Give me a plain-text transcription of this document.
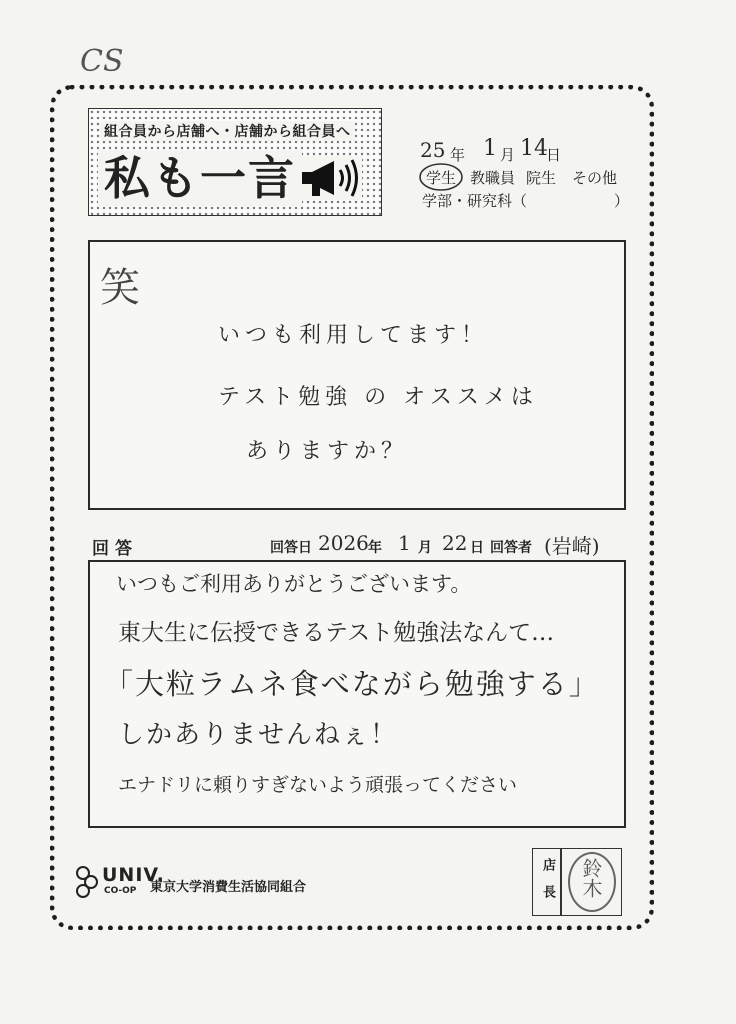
CS
組合員から店舗へ・店舗から組合員へ
私も一言
25 年 1 月 14
日
学生 教職員 院生 その他
学部・研究科（	）
笑
いつも利用してます！
テスト勉強 の オススメは
ありますか？
回答	回答日 2026 年 1 月 22 日 回答者 (岩崎)
いつもご利用ありがとうございます。
東大生に伝授できるテスト勉強法なんて…
「大粒ラムネ食べながら勉強する」
しかありませんねぇ！
エナドリに頼りすぎないよう頑張ってください
UNIV.
CO-OP 東京大学消費生活協同組合	店長 鈴木
